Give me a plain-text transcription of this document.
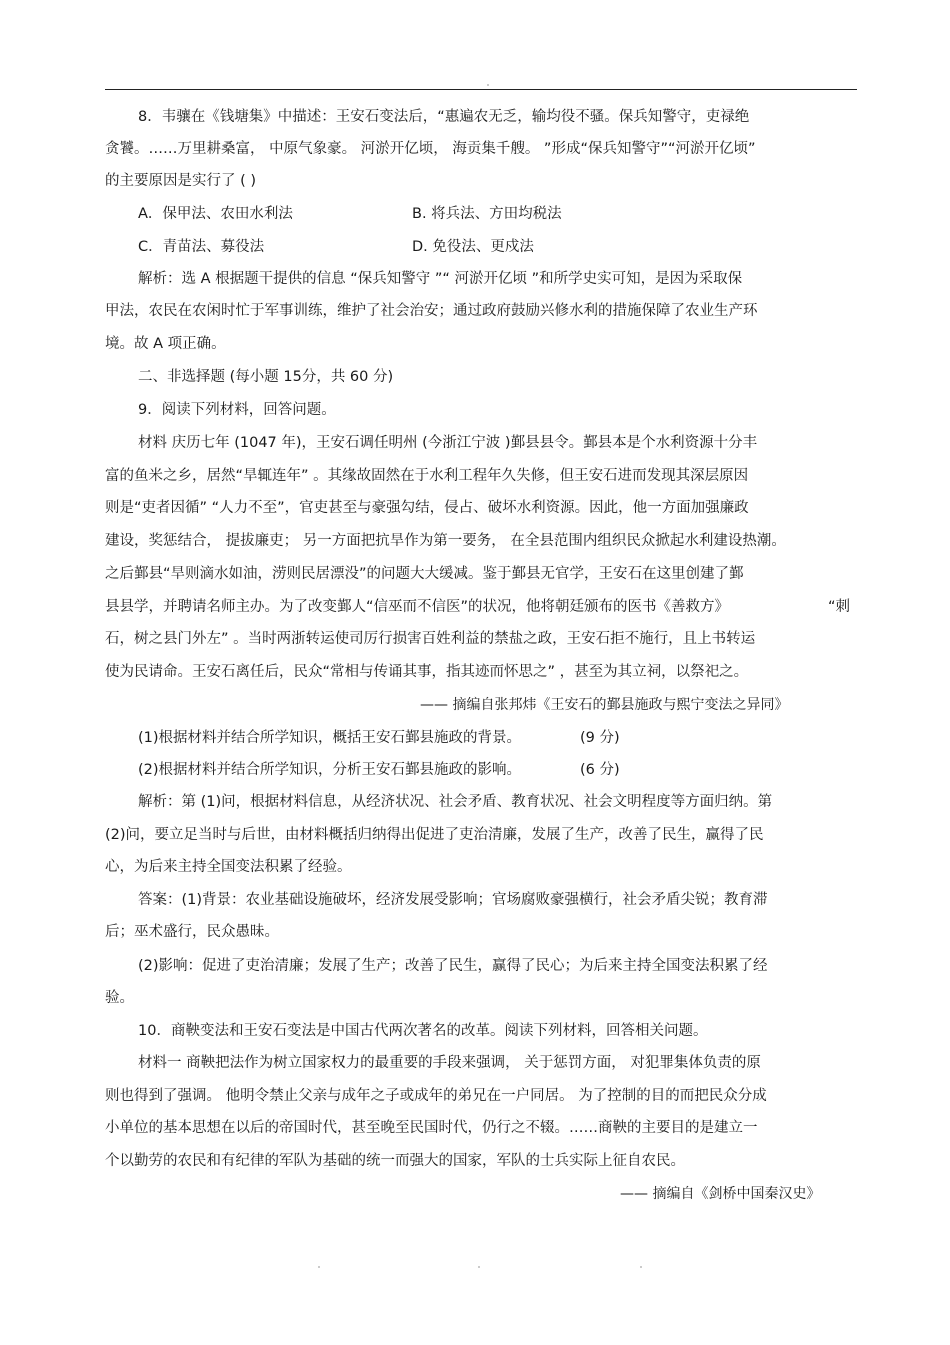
8．韦骧在《钱塘集》中描述：王安石变法后，“惠遍农无乏，输均役不骚。保兵知警守，吏禄绝
贪饕。……万里耕桑富， 中原气象豪。 河淤开亿顷， 海贡集千艘。 ”形成“保兵知警守”“河淤开亿顷”
的主要原因是实行了 ( )
A．保甲法、农田水利法	B. 将兵法、方田均税法
C．青苗法、募役法	D. 免役法、更戍法
解析：选 A 根据题干提供的信息 “保兵知警守 ”“ 河淤开亿顷 ”和所学史实可知，是因为采取保
甲法，农民在农闲时忙于军事训练，维护了社会治安；通过政府鼓励兴修水利的措施保障了农业生产环
境。故 A 项正确。
二、非选择题 (每小题 15分，共 60 分)
9．阅读下列材料，回答问题。
材料 庆历七年 (1047 年)，王安石调任明州 (今浙江宁波 )鄞县县令。鄞县本是个水利资源十分丰
富的鱼米之乡，居然“旱辄连年” 。其缘故固然在于水利工程年久失修，但王安石进而发现其深层原因
则是“吏者因循” “人力不至”，官吏甚至与豪强勾结，侵占、破坏水利资源。因此，他一方面加强廉政
建设，奖惩结合， 提拔廉吏； 另一方面把抗旱作为第一要务， 在全县范围内组织民众掀起水利建设热潮。
之后鄞县“旱则滴水如油，涝则民居漂没”的问题大大缓减。鉴于鄞县无官学，王安石在这里创建了鄞
县县学，并聘请名师主办。为了改变鄞人“信巫而不信医”的状况，他将朝廷颁布的医书《善救方》	“刺
石，树之县门外左” 。当时两浙转运使司厉行损害百姓利益的禁盐之政，王安石拒不施行，且上书转运
使为民请命。王安石离任后，民众“常相与传诵其事，指其迹而怀思之” ，甚至为其立祠，以祭祀之。
—— 摘编自张邦炜《王安石的鄞县施政与熙宁变法之异同》
(1)根据材料并结合所学知识，概括王安石鄞县施政的背景。	(9 分)
(2)根据材料并结合所学知识，分析王安石鄞县施政的影响。	(6 分)
解析：第 (1)问，根据材料信息，从经济状况、社会矛盾、教育状况、社会文明程度等方面归纳。第
(2)问，要立足当时与后世，由材料概括归纳得出促进了吏治清廉，发展了生产，改善了民生，赢得了民
心，为后来主持全国变法积累了经验。
答案：(1)背景：农业基础设施破坏，经济发展受影响；官场腐败豪强横行，社会矛盾尖锐；教育滞
后；巫术盛行，民众愚昧。
(2)影响：促进了吏治清廉；发展了生产；改善了民生，赢得了民心；为后来主持全国变法积累了经
验。
10．商鞅变法和王安石变法是中国古代两次著名的改革。阅读下列材料，回答相关问题。
材料一 商鞅把法作为树立国家权力的最重要的手段来强调， 关于惩罚方面， 对犯罪集体负责的原
则也得到了强调。 他明令禁止父亲与成年之子或成年的弟兄在一户同居。 为了控制的目的而把民众分成
小单位的基本思想在以后的帝国时代，甚至晚至民国时代，仍行之不辍。……商鞅的主要目的是建立一
个以勤劳的农民和有纪律的军队为基础的统一而强大的国家，军队的士兵实际上征自农民。
—— 摘编自《剑桥中国秦汉史》
